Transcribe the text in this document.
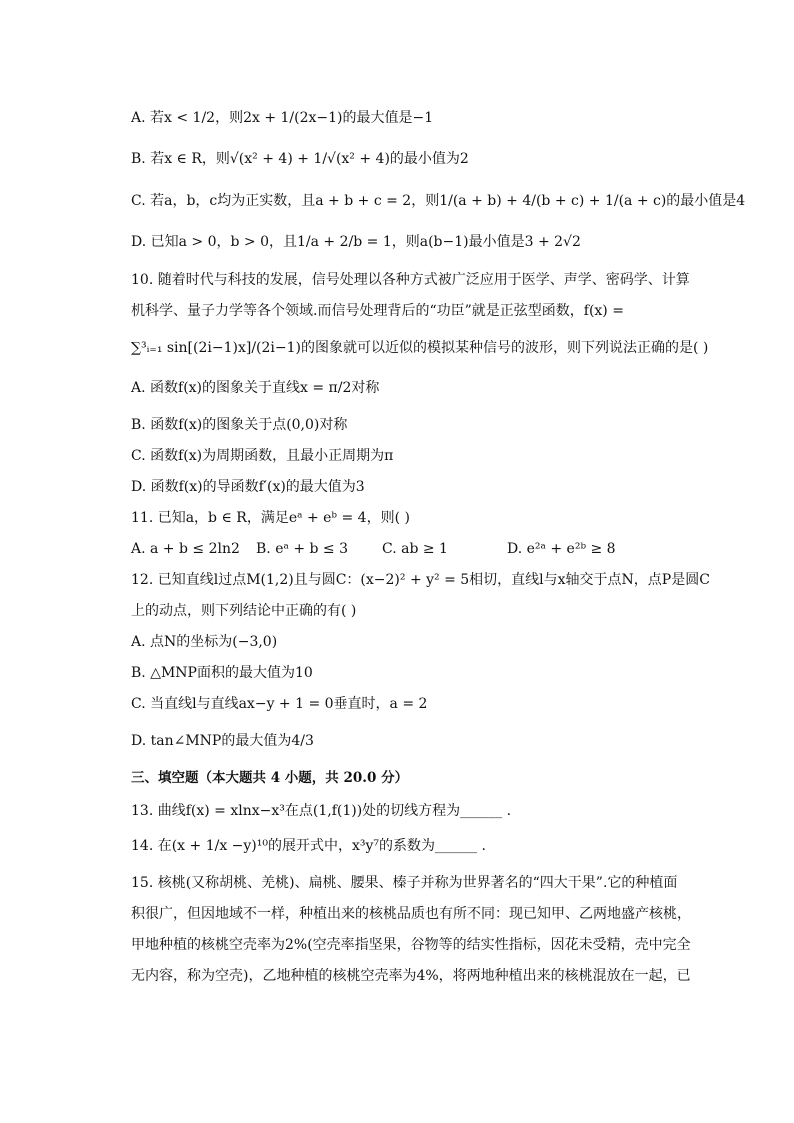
A. 若x < 1/2，则2x + 1/(2x−1)的最大值是−1
B. 若x ∈ R，则√(x² + 4) + 1/√(x² + 4)的最小值为2
C. 若a，b，c均为正实数，且a + b + c = 2，则1/(a + b) + 4/(b + c) + 1/(a + c)的最小值是4
D. 已知a > 0，b > 0，且1/a + 2/b = 1，则a(b−1)最小值是3 + 2√2
10. 随着时代与科技的发展，信号处理以各种方式被广泛应用于医学、声学、密码学、计算
机科学、量子力学等各个领域.而信号处理背后的“功臣”就是正弦型函数，f(x) =
∑³ᵢ₌₁ sin[(2i−1)x]/(2i−1)的图象就可以近似的模拟某种信号的波形，则下列说法正确的是( )
A. 函数f(x)的图象关于直线x = π/2对称
B. 函数f(x)的图象关于点(0,0)对称
C. 函数f(x)为周期函数，且最小正周期为π
D. 函数f(x)的导函数f′(x)的最大值为3
11. 已知a，b ∈ R，满足eᵃ + eᵇ = 4，则( )
A. a + b ≤ 2ln2	B. eᵃ + b ≤ 3	C. ab ≥ 1	D. e²ᵃ + e²ᵇ ≥ 8
12. 已知直线l过点M(1,2)且与圆C：(x−2)² + y² = 5相切，直线l与x轴交于点N，点P是圆C
上的动点，则下列结论中正确的有( )
A. 点N的坐标为(−3,0)
B. △MNP面积的最大值为10
C. 当直线l与直线ax−y + 1 = 0垂直时，a = 2
D. tan∠MNP的最大值为4/3
三、填空题（本大题共 4 小题，共 20.0 分）
13. 曲线f(x) = xlnx−x³在点(1,f(1))处的切线方程为______ .
14. 在(x + 1/x −y)¹⁰的展开式中，x³y⁷的系数为______ .
15. 核桃(又称胡桃、羌桃)、扁桃、腰果、榛子并称为世界著名的“四大干果”.它的种植面
积很广，但因地域不一样，种植出来的核桃品质也有所不同：现已知甲、乙两地盛产核桃，
甲地种植的核桃空壳率为2%(空壳率指坚果，谷物等的结实性指标，因花未受精，壳中完全
无内容，称为空壳)，乙地种植的核桃空壳率为4%，将两地种植出来的核桃混放在一起，已
